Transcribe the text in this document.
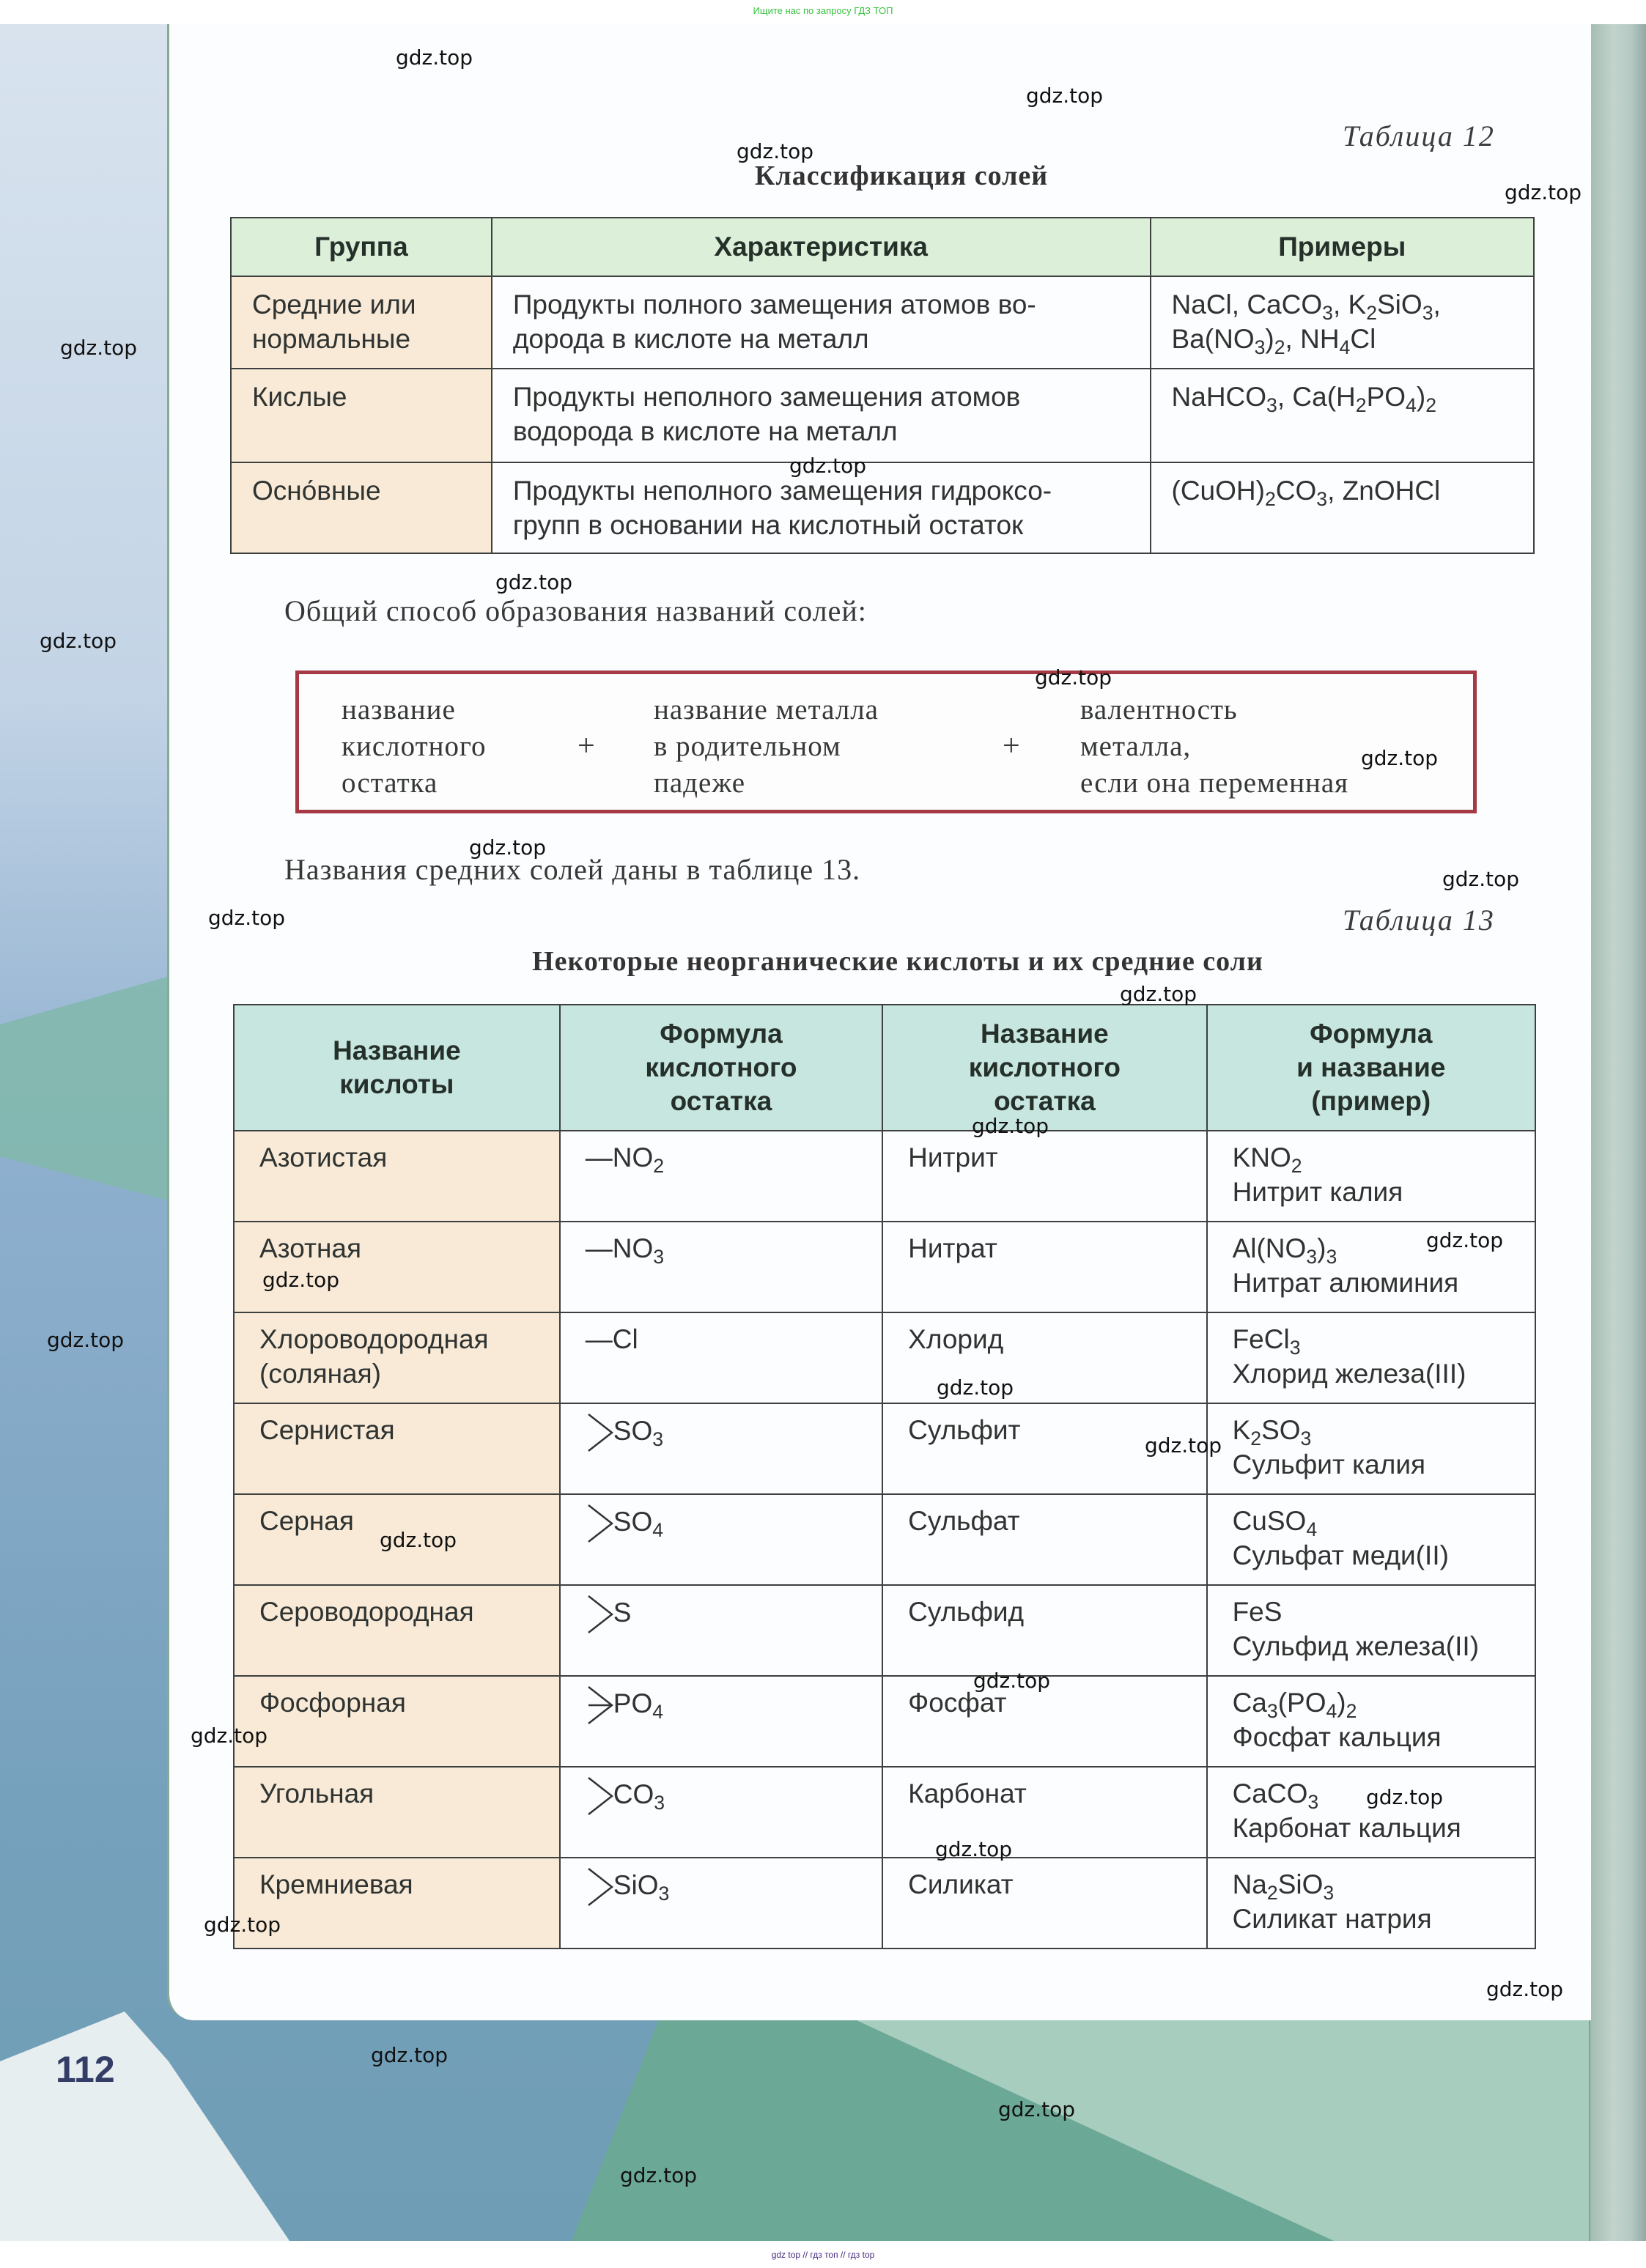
Ищите нас по запросу ГДЗ ТОП
Таблица 12
Классификация солей
Группа	Характеристика	Примеры
Средние или
нормальные	Продукты полного замещения атомов во-
дорода в кислоте на металл	NaCl, CaCO$_3$, $K_2SiO_3$,
$Ba(NO_3)_2$, $NH_4Cl$
Кислые	Продукты неполного замещения атомов
водорода в кислоте на металл	NaHCO$_3$, $Ca(H_2PO_4)_2$
Осно́вные	Продукты неполного замещения гидроксо-
групп в основании на кислотный остаток	$(CuOH)_2CO_3$, ZnOHCl
Общий способ образования названий солей:
название
кислотного
остатка
+
название металла
в родительном
падеже
+
валентность
металла,
если она переменная
Названия средних солей даны в таблице 13.
Таблица 13
Некоторые неорганические кислоты и их средние соли
Название
кислоты	Формула
кислотного
остатка	Название
кислотного
остатка	Формула
и название
(пример)
Азотистая	$—NO_2$	Нитрит	$KNO_2$
Нитрит калия
Азотная	$—NO_3$	Нитрат	$Al(NO_3)_3$
Нитрат алюминия
Хлороводородная
(соляная)	—Cl	Хлорид	FeCl$_3$
Хлорид железа(III)
Сернистая	$SO_3$	Сульфит	$K_2SO_3$
Сульфит калия
Серная	$SO_4$	Сульфат	CuSO$_4$
Сульфат меди(II)
Сероводородная	S	Сульфид	FeS
Сульфид железа(II)
Фосфорная	$PO_4$	Фосфат	$Ca_3(PO_4)_2$
Фосфат кальция
Угольная	$CO_3$	Карбонат	CaCO$_3$
Карбонат кальция
Кремниевая	SiO$_3$	Силикат	$Na_2SiO_3$
Силикат натрия
112
gdz.top
gdz.top
gdz.top
gdz.top
gdz.top
gdz.top
gdz.top
gdz.top
gdz.top
gdz.top
gdz.top
gdz.top
gdz.top
gdz.top
gdz.top
gdz.top
gdz.top
gdz.top
gdz.top
gdz.top
gdz.top
gdz.top
gdz.top
gdz.top
gdz.top
gdz.top
gdz.top
gdz.top
gdz.top
gdz.top
gdz top // гдз топ // гдз top
